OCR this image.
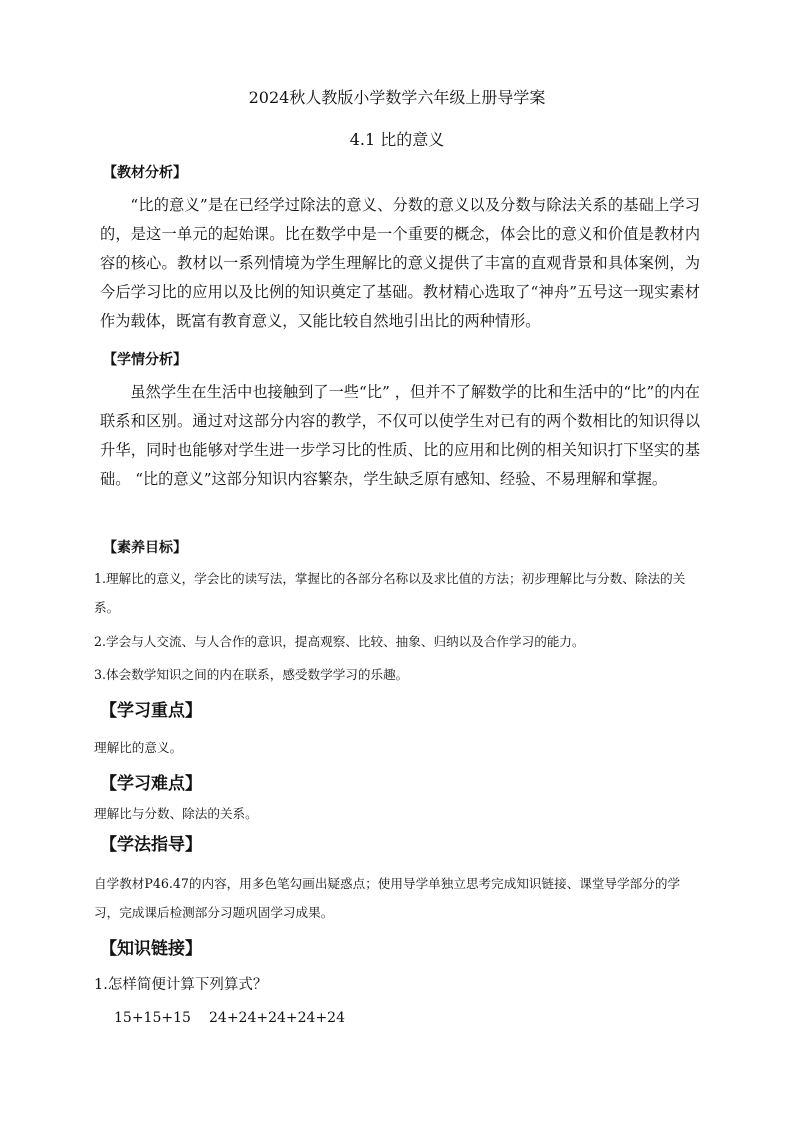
2024秋人教版小学数学六年级上册导学案
4.1 比的意义
【教材分析】

“比的意义”是在已经学过除法的意义、分数的意义以及分数与除法关系的基础上学习的，是这一单元的起始课。比在数学中是一个重要的概念，体会比的意义和价值是教材内容的核心。教材以一系列情境为学生理解比的意义提供了丰富的直观背景和具体案例，为今后学习比的应用以及比例的知识奠定了基础。教材精心选取了“神舟”五号这一现实素材作为载体，既富有教育意义，又能比较自然地引出比的两种情形。

【学情分析】

虽然学生在生活中也接触到了一些“比” ，但并不了解数学的比和生活中的“比”的内在联系和区别。通过对这部分内容的教学，不仅可以使学生对已有的两个数相比的知识得以 升华，同时也能够对学生进一步学习比的性质、比的应用和比例的相关知识打下坚实的基础。 “比的意义”这部分知识内容繁杂，学生缺乏原有感知、经验、不易理解和掌握。

【素养目标】

1.理解比的意义，学会比的读写法，掌握比的各部分名称以及求比值的方法；初步理解比与分数、除法的关系。

2.学会与人交流、与人合作的意识，提高观察、比较、抽象、归纳以及合作学习的能力。

3.体会数学知识之间的内在联系，感受数学学习的乐趣。

【学习重点】

理解比的意义。

【学习难点】

理解比与分数、除法的关系。

【学法指导】

自学教材P46.47的内容，用多色笔勾画出疑惑点；使用导学单独立思考完成知识链接、课堂导学部分的学习，完成课后检测部分习题巩固学习成果。

【知识链接】

1.怎样简便计算下列算式？

15+15+15 24+24+24+24+24
